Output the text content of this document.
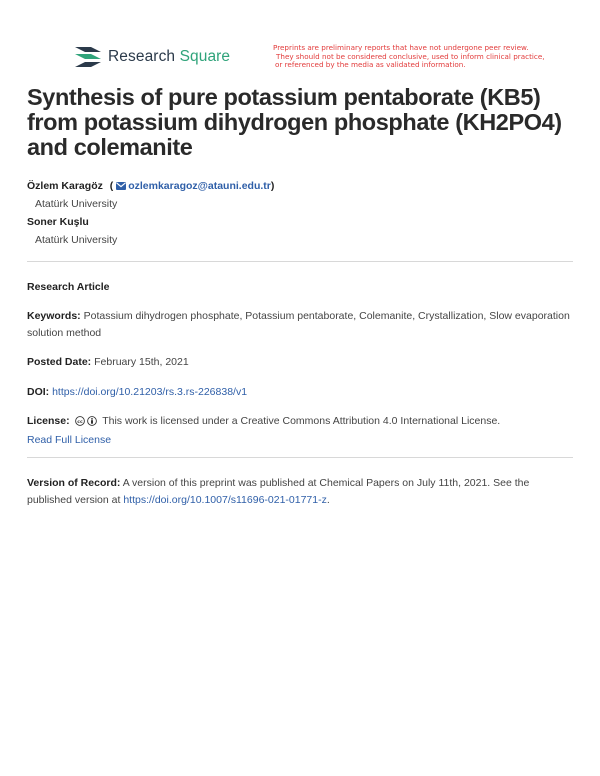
Research Square
Preprints are preliminary reports that have not undergone peer review.
They should not be considered conclusive, used to inform clinical practice,
or referenced by the media as validated information.
Synthesis of pure potassium pentaborate (KB5) from potassium dihydrogen phosphate (KH2PO4) and colemanite
Özlem Karagöz ( ozlemkaragoz@atauni.edu.tr)
Atatürk University
Soner Kuşlu
Atatürk University
Research Article
Keywords: Potassium dihydrogen phosphate, Potassium pentaborate, Colemanite, Crystallization, Slow evaporation solution method
Posted Date: February 15th, 2021
DOI: https://doi.org/10.21203/rs.3.rs-226838/v1
License: cc This work is licensed under a Creative Commons Attribution 4.0 International License.
Read Full License
Version of Record: A version of this preprint was published at Chemical Papers on July 11th, 2021. See the published version at https://doi.org/10.1007/s11696-021-01771-z.
